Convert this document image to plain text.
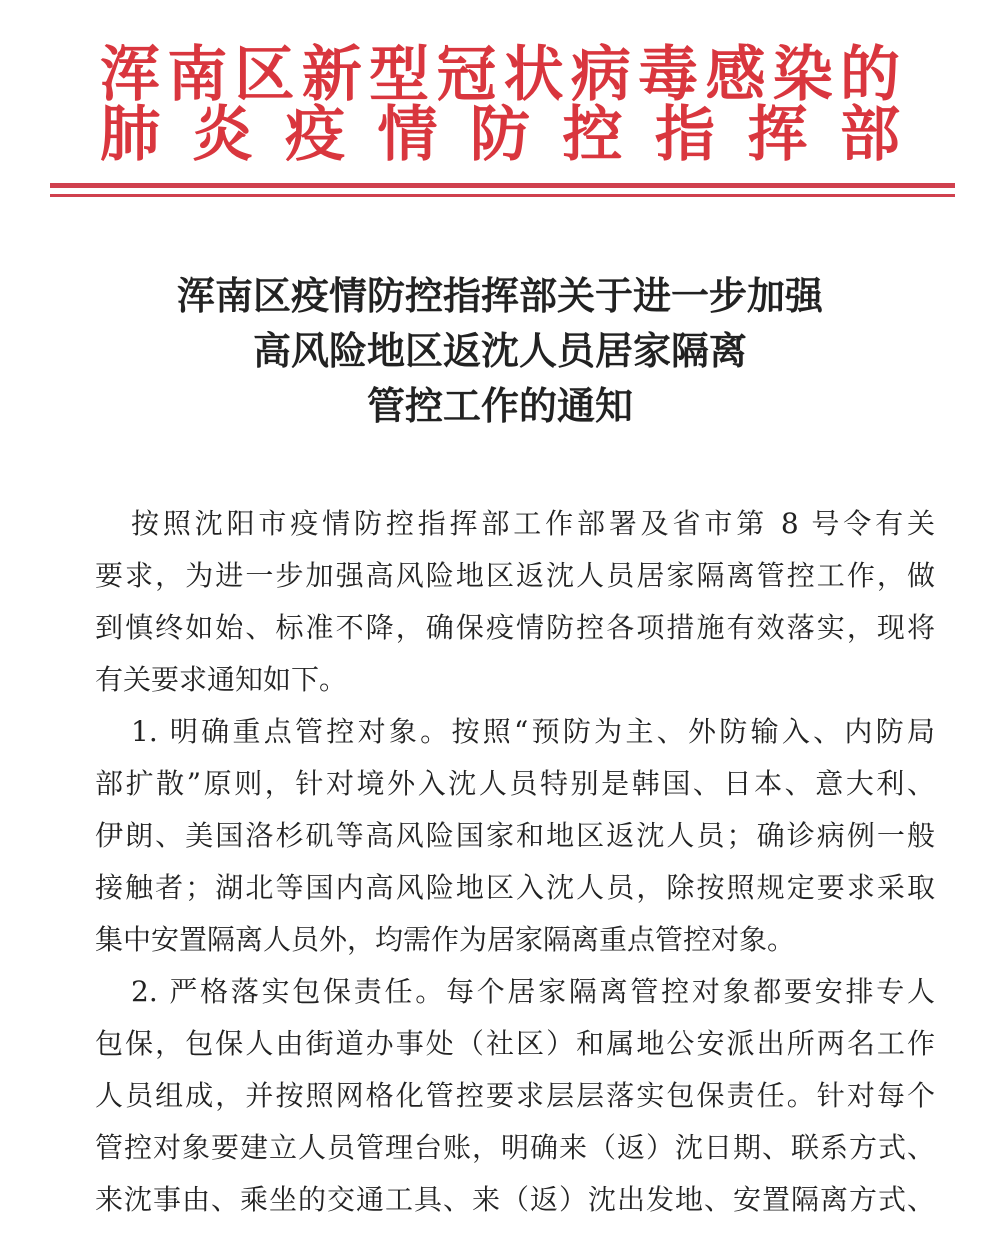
浑南区新型冠状病毒感染的
肺炎疫情防控指挥部
浑南区疫情防控指挥部关于进一步加强
高风险地区返沈人员居家隔离
管控工作的通知
按照沈阳市疫情防控指挥部工作部署及省市第 8 号令有关
要求，为进一步加强高风险地区返沈人员居家隔离管控工作，做
到慎终如始、标准不降，确保疫情防控各项措施有效落实，现将
有关要求通知如下。
1. 明确重点管控对象。按照“预防为主、外防输入、内防局
部扩散”原则，针对境外入沈人员特别是韩国、日本、意大利、
伊朗、美国洛杉矶等高风险国家和地区返沈人员；确诊病例一般
接触者；湖北等国内高风险地区入沈人员，除按照规定要求采取
集中安置隔离人员外，均需作为居家隔离重点管控对象。
2. 严格落实包保责任。每个居家隔离管控对象都要安排专人
包保，包保人由街道办事处（社区）和属地公安派出所两名工作
人员组成，并按照网格化管控要求层层落实包保责任。针对每个
管控对象要建立人员管理台账，明确来（返）沈日期、联系方式、
来沈事由、乘坐的交通工具、来（返）沈出发地、安置隔离方式、
